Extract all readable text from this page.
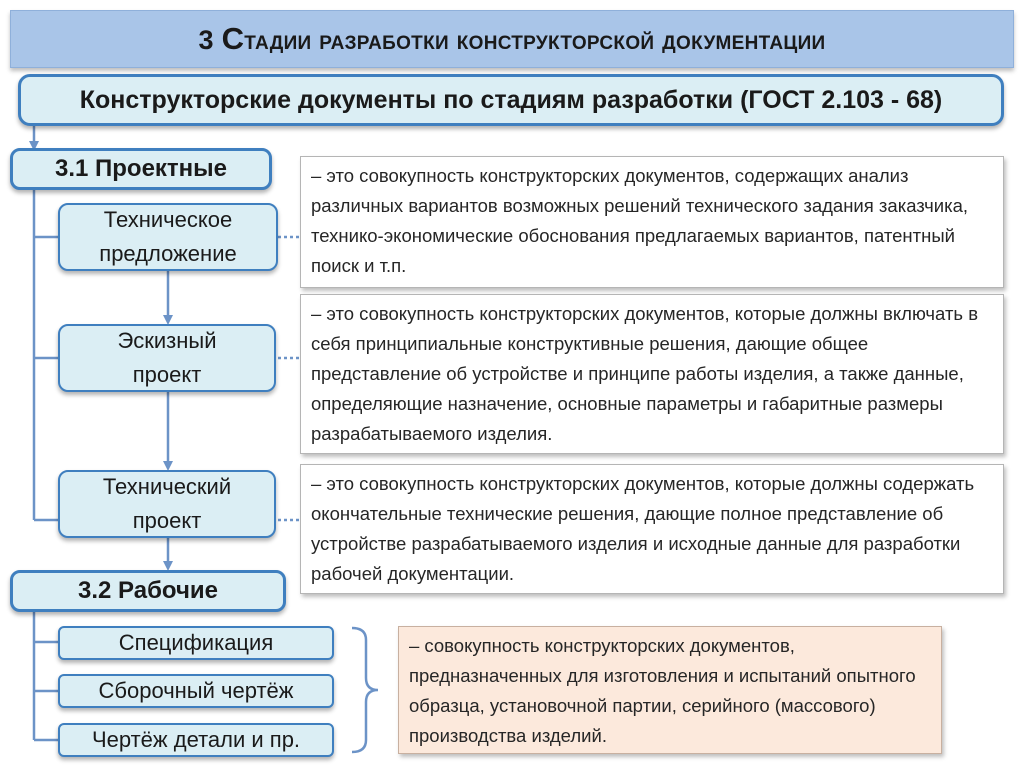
3 Стадии разработки конструкторской документации
Конструкторские документы по стадиям разработки (ГОСТ 2.103 - 68)
3.1 Проектные
Техническое
предложение
Эскизный
проект
Технический
проект
– это совокупность конструкторских документов, содержащих анализ различных вариантов возможных решений технического задания заказчика, технико-экономические обоснования предлагаемых вариантов, патентный поиск и т.п.
– это совокупность конструкторских документов, которые должны включать в себя принципиальные конструктивные решения, дающие общее представление об устройстве и принципе работы изделия, а также данные, определяющие назначение, основные параметры и габаритные размеры разрабатываемого изделия.
– это совокупность конструкторских документов, которые должны содержать окончательные технические решения, дающие полное представление об устройстве разрабатываемого изделия и исходные данные для разработки рабочей документации.
3.2 Рабочие
Спецификация
Сборочный чертёж
Чертёж детали и пр.
– совокупность конструкторских документов, предназначенных для изготовления и испытаний опытного образца, установочной партии, серийного (массового) производства изделий.
